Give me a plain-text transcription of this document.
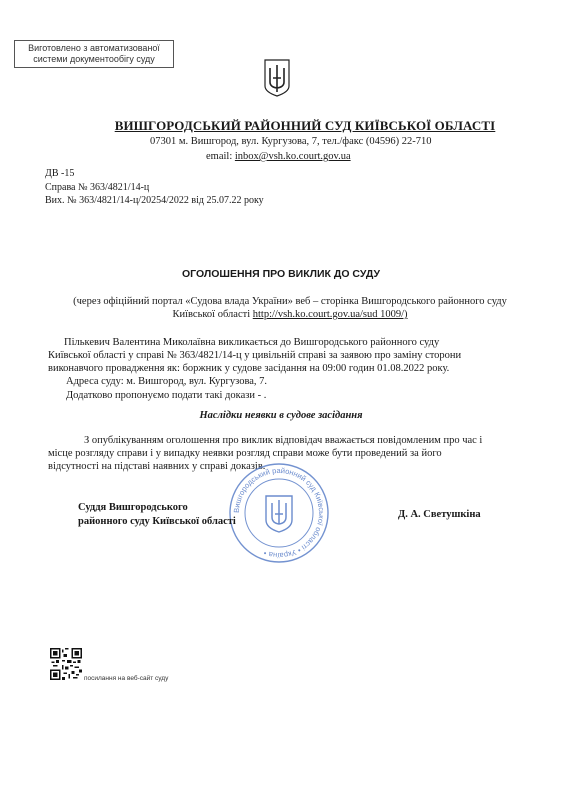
Виготовлено з автоматизованої
системи документообігу суду
ВИШГОРОДСЬКИЙ РАЙОННИЙ СУД КИЇВСЬКОЇ ОБЛАСТІ
07301 м. Вишгород, вул. Кургузова, 7, тел./факс (04596) 22-710
email: inbox@vsh.ko.court.gov.ua
ДВ -15
Справа № 363/4821/14-ц
Вих. № 363/4821/14-ц/20254/2022 від 25.07.22 року
ОГОЛОШЕННЯ ПРО ВИКЛИК ДО СУДУ
(через офіційний портал «Судова влада України» веб – сторінка Вишгородського районного суду
Київської області http://vsh.ko.court.gov.ua/sud 1009/)
Пількевич Валентина Миколаївна викликається до Вишгородського районного суду
Київської області у справі № 363/4821/14-ц у цивільній справі за заявою про заміну сторони
виконавчого провадження як: боржник у судове засідання на 09:00 годин 01.08.2022 року.
Адреса суду: м. Вишгород, вул. Кургузова, 7.
Додатково пропонуємо подати такі докази - .
Наслідки неявки в судове засідання
З опублікуванням оголошення про виклик відповідач вважається повідомленим про час і
місце розгляду справи і у випадку неявки розгляд справи може бути проведений за його
відсутності на підставі наявних у справі доказів.
Вишгородський районний суд Київської області • Україна •
Суддя Вишгородського
районного суду Київської області
Д. А. Светушкіна
посилання на веб-сайт суду
